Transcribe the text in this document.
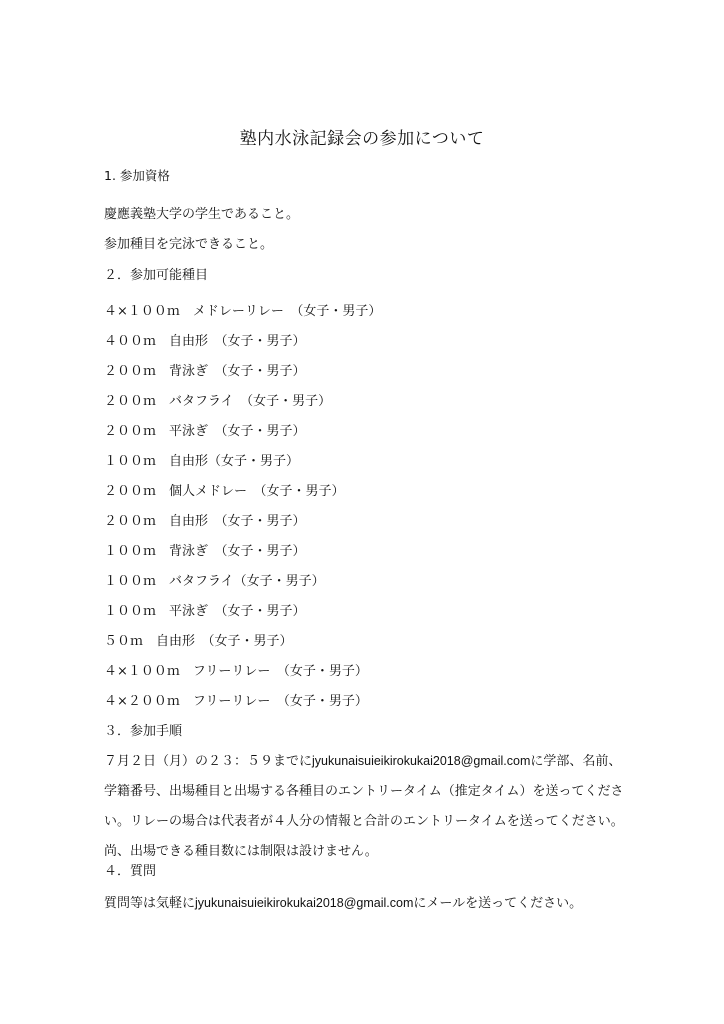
塾内水泳記録会の参加について
1. 参加資格
慶應義塾大学の学生であること。
参加種目を完泳できること。
２．参加可能種目
４×１００ｍ　メドレーリレー　（女子・男子）
４００ｍ　自由形　（女子・男子）
２００ｍ　背泳ぎ　（女子・男子）
２００ｍ　バタフライ　（女子・男子）
２００ｍ　平泳ぎ　（女子・男子）
１００ｍ　自由形（女子・男子）
２００ｍ　個人メドレー　（女子・男子）
２００ｍ　自由形　（女子・男子）
１００ｍ　背泳ぎ　（女子・男子）
１００ｍ　バタフライ（女子・男子）
１００ｍ　平泳ぎ　（女子・男子）
５０ｍ　自由形　（女子・男子）
４×１００ｍ　フリーリレー　（女子・男子）
４×２００ｍ　フリーリレー　（女子・男子）
３．参加手順
７月２日（月）の２３：５９までにjyukunaisuieikirokukai2018@gmail.comに学部、名前、学籍番号、出場種目と出場する各種目のエントリータイム（推定タイム）を送ってください。リレーの場合は代表者が４人分の情報と合計のエントリータイムを送ってください。尚、出場できる種目数には制限は設けません。
４．質問
質問等は気軽にjyukunaisuieikirokukai2018@gmail.comにメールを送ってください。
